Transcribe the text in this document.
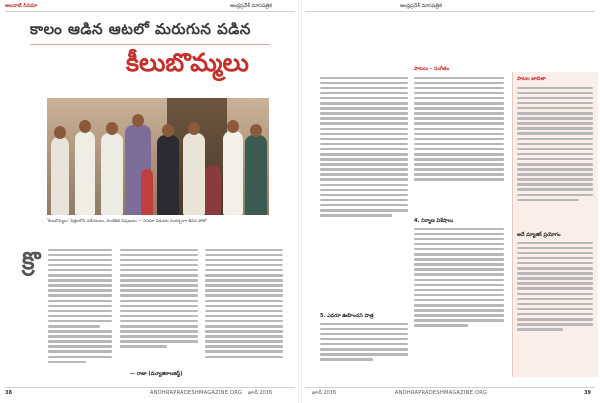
అలనాటి సినిమా	ఆంధ్రప్రదేశ్ మాసపత్రిక
కాలం ఆడిన ఆటలో మరుగున పడిన
కీలుబొమ్మలు
'కీలుబొమ్మలు' చిత్రంలోని నటీనటులు, సాంకేతిక నిపుణులు — సినిమా విడుదల సందర్భంగా తీసిన ఫోటో
క్రొ
— రాజా (మ్యూజికాలజిస్ట్)
38	ANDHRAPRADESHMAGAZINE.ORG జూన్ 2016
ఆంధ్రప్రదేశ్ మాసపత్రిక
5. ఎవరూ ఊహించని పాత్ర
4. నిర్మాణ విశేషాలు
పాటల జాబితా
అదే మ్యాజిక్ ప్రయోగం
పాటలు - సంగీతం
జూన్ 2016	ANDHRAPRADESHMAGAZINE.ORG	39
